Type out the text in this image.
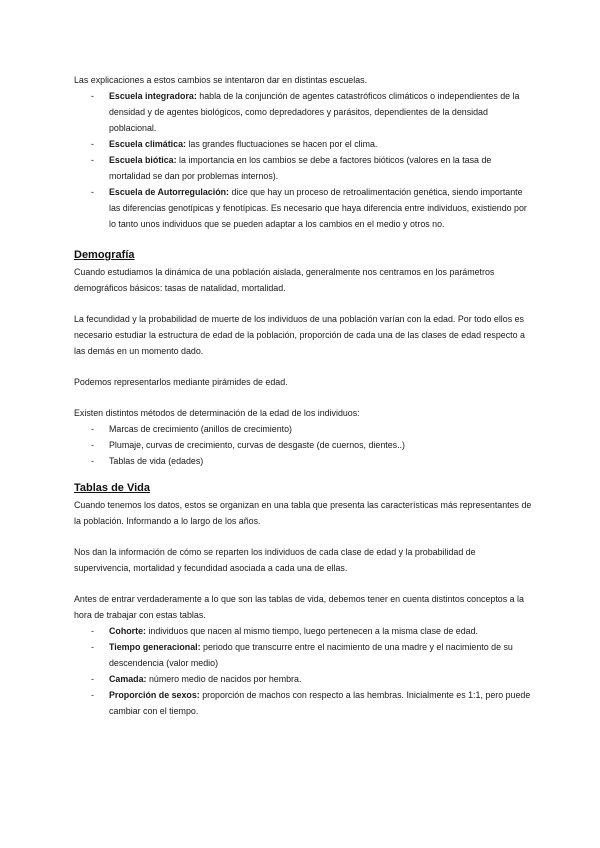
Las explicaciones a estos cambios se intentaron dar en distintas escuelas.

- Escuela integradora: habla de la conjunción de agentes catastróficos climáticos o independientes de la densidad y de agentes biológicos, como depredadores y parásitos, dependientes de la densidad poblacional.
- Escuela climática: las grandes fluctuaciones se hacen por el clima.
- Escuela biótica: la importancia en los cambios se debe a factores bióticos (valores en la tasa de mortalidad se dan por problemas internos).
- Escuela de Autorregulación: dice que hay un proceso de retroalimentación genética, siendo importante las diferencias genotípicas y fenotípicas. Es necesario que haya diferencia entre individuos, existiendo por lo tanto unos individuos que se pueden adaptar a los cambios en el medio y otros no.
Demografía

Cuando estudiamos la dinámica de una población aislada, generalmente nos centramos en los parámetros demográficos básicos: tasas de natalidad, mortalidad.

La fecundidad y la probabilidad de muerte de los individuos de una población varían con la edad. Por todo ellos es necesario estudiar la estructura de edad de la población, proporción de cada una de las clases de edad respecto a las demás en un momento dado.

Podemos representarlos mediante pirámides de edad.

Existen distintos métodos de determinación de la edad de los individuos:

- Marcas de crecimiento (anillos de crecimiento)
- Plumaje, curvas de crecimiento, curvas de desgaste (de cuernos, dientes..)
- Tablas de vida (edades)
Tablas de Vida

Cuando tenemos los datos, estos se organizan en una tabla que presenta las características más representantes de la población. Informando a lo largo de los años.

Nos dan la información de cómo se reparten los individuos de cada clase de edad y la probabilidad de supervivencia, mortalidad y fecundidad asociada a cada una de ellas.

Antes de entrar verdaderamente a lo que son las tablas de vida, debemos tener en cuenta distintos conceptos a la hora de trabajar con estas tablas.

- Cohorte: individuos que nacen al mismo tiempo, luego pertenecen a la misma clase de edad.
- Tiempo generacional: periodo que transcurre entre el nacimiento de una madre y el nacimiento de su descendencia (valor medio)
- Camada: número medio de nacidos por hembra.
- Proporción de sexos: proporción de machos con respecto a las hembras. Inicialmente es 1:1, pero puede cambiar con el tiempo.
